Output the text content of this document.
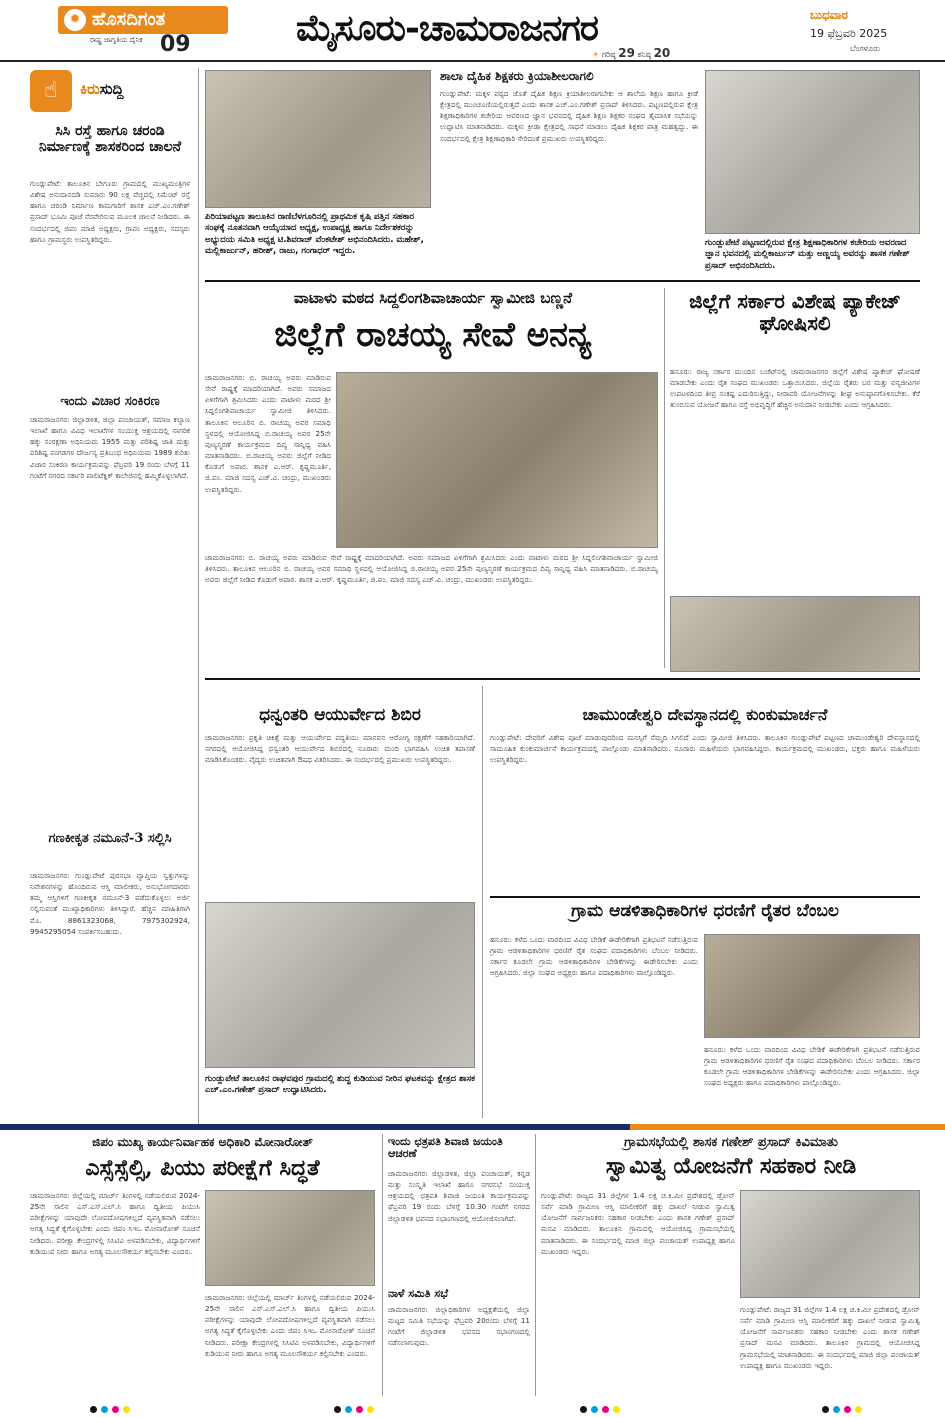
ಹೊಸದಿಗಂತ
✹
ರಾಷ್ಟ್ರ ಜಾಗೃತಿಯ ದೈನಿಕ 09	ಮೈಸೂರು-ಚಾಮರಾಜನಗರ	ಬುಧವಾರ
19 ಫೆಬ್ರವರಿ 2025
ಬೆಂಗಳೂರು
☀ ಗರಿಷ್ಠ 29 ಕನಿಷ್ಠ 20
☝	ಕಿರುಸುದ್ದಿ
ಸಿಸಿ ರಸ್ತೆ ಹಾಗೂ ಚರಂಡಿ ನಿರ್ಮಾಣಕ್ಕೆ ಶಾಸಕರಿಂದ ಚಾಲನೆ
ಗುಂಡ್ಲುಪೇಟೆ: ತಾಲೂಕಿನ ಬೇಗೂರು ಗ್ರಾಮದಲ್ಲಿ ಮುಖ್ಯಮಂತ್ರಿಗಳ ವಿಶೇಷ ಅನುದಾನದಡಿ ಸುಮಾರು 90 ಲಕ್ಷ ವೆಚ್ಚದಲ್ಲಿ ಸಿಮೆಂಟ್ ರಸ್ತೆ ಹಾಗೂ ಚರಂಡಿ ನಿರ್ಮಾಣ ಕಾಮಗಾರಿಗೆ ಶಾಸಕ ಎಚ್.ಎಂ.ಗಣೇಶ್ ಪ್ರಸಾದ್ ಭೂಮಿ ಪೂಜೆ ನೆರವೇರಿಸುವ ಮೂಲಕ ಚಾಲನೆ ನೀಡಿದರು. ಈ ಸಂದರ್ಭದಲ್ಲಿ ಜಿಪಂ ಮಾಜಿ ಅಧ್ಯಕ್ಷರು, ಗ್ರಾಪಂ ಅಧ್ಯಕ್ಷರು, ಸದಸ್ಯರು ಹಾಗೂ ಗ್ರಾಮಸ್ಥರು ಉಪಸ್ಥಿತರಿದ್ದರು.
ಇಂದು ವಿಚಾರ ಸಂಕಿರಣ
ಚಾಮರಾಜನಗರ: ಜಿಲ್ಲಾಡಳಿತ, ಜಿಲ್ಲಾ ಪಂಚಾಯತ್, ಸಮಾಜ ಕಲ್ಯಾಣ ಇಲಾಖೆ ಹಾಗೂ ವಿವಿಧ ಇಲಾಖೆಗಳ ಸಂಯುಕ್ತ ಆಶ್ರಯದಲ್ಲಿ ನಾಗರಿಕ ಹಕ್ಕು ಸಂರಕ್ಷಣಾ ಅಧಿನಿಯಮ 1955 ಮತ್ತು ಪರಿಶಿಷ್ಟ ಜಾತಿ ಮತ್ತು ಪರಿಶಿಷ್ಟ ಪಂಗಡಗಳ ದೌರ್ಜನ್ಯ ಪ್ರತಿಬಂಧ ಅಧಿನಿಯಮ 1989 ಕುರಿತು ವಿಚಾರ ಸಂಕಿರಣ ಕಾರ್ಯಕ್ರಮವನ್ನು ಫೆಬ್ರವರಿ 19 ರಂದು ಬೆಳಗ್ಗೆ 11 ಗಂಟೆಗೆ ನಗರದ ಸರ್ಕಾರಿ ಪಾಲಿಟೆಕ್ನಿಕ್ ಕಾಲೇಜಿನಲ್ಲಿ ಹಮ್ಮಿಕೊಳ್ಳಲಾಗಿದೆ.
ಗಣಕೀಕೃತ ನಮೂನೆ-3 ಸಲ್ಲಿಸಿ
ಚಾಮರಾಜನಗರ: ಗುಂಡ್ಲುಪೇಟೆ ಪುರಸಭಾ ವ್ಯಾಪ್ತಿಯ ಸ್ವತ್ತುಗಳನ್ನು ನಿವೇಶನಗಳನ್ನು ಹೊಂದಿರುವ ಆಸ್ತಿ ಮಾಲೀಕರು, ಅನುಭೋಗದಾರರು ತಮ್ಮ ಆಸ್ತಿಗಳಿಗೆ ಗಣಕೀಕೃತ ನಮೂನೆ-3 ಪಡೆದುಕೊಳ್ಳಲು ಅರ್ಜಿ ಸಲ್ಲಿಸುವಂತೆ ಮುಖ್ಯಾಧಿಕಾರಿಗಳು ತಿಳಿಸಿದ್ದಾರೆ. ಹೆಚ್ಚಿನ ಮಾಹಿತಿಗಾಗಿ ಮೊ. 8861323068, 7975302924, 9945295054 ಸಂಪರ್ಕಿಸಬಹುದು.
ಪಿರಿಯಾಪಟ್ಟಣ ತಾಲೂಕಿನ ರಾಣಿಬೆಳಗೂರಿನಲ್ಲಿ ಪ್ರಾಥಮಿಕ ಕೃಷಿ ಪತ್ತಿನ ಸಹಕಾರ ಸಂಘಕ್ಕೆ ನೂತನವಾಗಿ ಆಯ್ಕೆಯಾದ ಅಧ್ಯಕ್ಷ, ಉಪಾಧ್ಯಕ್ಷ ಹಾಗೂ ನಿರ್ದೇಶಕರನ್ನು ಅಭ್ಯುದಯ ಸಮಿತಿ ಅಧ್ಯಕ್ಷ ಟಿ.ಶಿವರಾಜ್ ವೆಂಕಟೇಶ್ ಅಭಿನಂದಿಸಿದರು. ಮಹೇಶ್, ಮಲ್ಲಿಕಾರ್ಜುನ್, ಹರೀಶ್, ರಾಜು, ಗಂಗಾಧರ್ ಇದ್ದರು.
ಶಾಲಾ ದೈಹಿಕ ಶಿಕ್ಷಕರು ಕ್ರಿಯಾಶೀಲರಾಗಲಿ
ಗುಂಡ್ಲುಪೇಟೆ: ಮಕ್ಕಳ ಪಠ್ಯದ ಜೊತೆ ದೈಹಿಕ ಶಿಕ್ಷಣ ಕ್ರಿಯಾಶೀಲರಾಗಬೇಕು ಆ ಶಾಲೆಯ ಶಿಕ್ಷಣ ಹಾಗೂ ಕ್ರೀಡೆ ಕ್ಷೇತ್ರದಲ್ಲಿ ಮುಂಚೂಣಿಯಲ್ಲಿರುತ್ತದೆ ಎಂದು ಶಾಸಕ ಎಚ್.ಎಂ.ಗಣೇಶ್ ಪ್ರಸಾದ್ ತಿಳಿಸಿದರು. ಪಟ್ಟಣದಲ್ಲಿರುವ ಕ್ಷೇತ್ರ ಶಿಕ್ಷಣಾಧಿಕಾರಿಗಳ ಕಚೇರಿಯ ಆವರಣದ ಜ್ಞಾನ ಭವನದಲ್ಲಿ ದೈಹಿಕ ಶಿಕ್ಷಣ ಶಿಕ್ಷಕರ ಸಂಘದ ತೈಮಾಸಿಕ ಸಭೆಯನ್ನು ಉದ್ಘಾಟಿಸಿ ಮಾತನಾಡಿದರು. ಮಕ್ಕಳು ಕ್ರೀಡಾ ಕ್ಷೇತ್ರದಲ್ಲಿ ಸಾಧನೆ ಮಾಡಲು ದೈಹಿಕ ಶಿಕ್ಷಕರ ಪಾತ್ರ ಮಹತ್ವದ್ದು. ಈ ಸಂದರ್ಭದಲ್ಲಿ ಕ್ಷೇತ್ರ ಶಿಕ್ಷಣಾಧಿಕಾರಿ ಸೇರಿದಂತೆ ಪ್ರಮುಖರು ಉಪಸ್ಥಿತರಿದ್ದರು.
ಗುಂಡ್ಲುಪೇಟೆ ಪಟ್ಟಣದಲ್ಲಿರುವ ಕ್ಷೇತ್ರ ಶಿಕ್ಷಣಾಧಿಕಾರಿಗಳ ಕಚೇರಿಯ ಆವರಣದ ಜ್ಞಾನ ಭವನದಲ್ಲಿ ಮಲ್ಲಿಕಾರ್ಜುನ್ ಮತ್ತು ಅಣ್ಣಯ್ಯ ಅವರನ್ನು ಶಾಸಕ ಗಣೇಶ್ ಪ್ರಸಾದ್ ಅಭಿನಂದಿಸಿದರು.
ವಾಟಾಳು ಮಠದ ಸಿದ್ದಲಿಂಗಶಿವಾಚಾರ್ಯ ಸ್ವಾಮೀಜಿ ಬಣ್ಣನೆ
ಜಿಲ್ಲೆಗೆ ರಾಚಯ್ಯ ಸೇವೆ ಅನನ್ಯ
ಚಾಮರಾಜನಗರ: ಬಿ. ರಾಚಯ್ಯ ಅವರು ಮಾಡಿರುವ ಸೇವೆ ರಾಷ್ಟ್ರಕ್ಕೆ ಮಾದರಿಯಾಗಿದೆ. ಅವರು ಸಮಾಜದ ಏಳಿಗೆಗಾಗಿ ಶ್ರಮಿಸಿದರು ಎಂದು ವಾಟಾಳು ಮಠದ ಶ್ರೀ ಸಿದ್ದಲಿಂಗಶಿವಾಚಾರ್ಯ ಸ್ವಾಮೀಜಿ ತಿಳಿಸಿದರು. ತಾಲೂಕಿನ ಆಲೂರಿನ ಬಿ. ರಾಚಯ್ಯ ಅವರ ಸಮಾಧಿ ಸ್ಥಳದಲ್ಲಿ ಆಯೋಜಿಸಿದ್ದ ಬಿ.ರಾಚಯ್ಯ ಅವರ 25ನೇ ಪುಣ್ಯಸ್ಮರಣೆ ಕಾರ್ಯಕ್ರಮದ ದಿವ್ಯ ಸಾನ್ನಿಧ್ಯ ವಹಿಸಿ ಮಾತನಾಡಿದರು. ಬಿ.ರಾಚಯ್ಯ ಅವರು ಜಿಲ್ಲೆಗೆ ನೀಡಿದ ಕೊಡುಗೆ ಅಪಾರ. ಶಾಸಕ ಎ.ಆರ್. ಕೃಷ್ಣಮೂರ್ತಿ, ಜಿ.ಪಂ. ಮಾಜಿ ಸದಸ್ಯ ಎಚ್.ವಿ. ಚಂದ್ರು, ಮುಖಂಡರು ಉಪಸ್ಥಿತರಿದ್ದರು.
ಚಾಮರಾಜನಗರ: ಬಿ. ರಾಚಯ್ಯ ಅವರು ಮಾಡಿರುವ ಸೇವೆ ರಾಷ್ಟ್ರಕ್ಕೆ ಮಾದರಿಯಾಗಿದೆ. ಅವರು ಸಮಾಜದ ಏಳಿಗೆಗಾಗಿ ಶ್ರಮಿಸಿದರು ಎಂದು ವಾಟಾಳು ಮಠದ ಶ್ರೀ ಸಿದ್ದಲಿಂಗಶಿವಾಚಾರ್ಯ ಸ್ವಾಮೀಜಿ ತಿಳಿಸಿದರು. ತಾಲೂಕಿನ ಆಲೂರಿನ ಬಿ. ರಾಚಯ್ಯ ಅವರ ಸಮಾಧಿ ಸ್ಥಳದಲ್ಲಿ ಆಯೋಜಿಸಿದ್ದ ಬಿ.ರಾಚಯ್ಯ ಅವರ 25ನೇ ಪುಣ್ಯಸ್ಮರಣೆ ಕಾರ್ಯಕ್ರಮದ ದಿವ್ಯ ಸಾನ್ನಿಧ್ಯ ವಹಿಸಿ ಮಾತನಾಡಿದರು. ಬಿ.ರಾಚಯ್ಯ ಅವರು ಜಿಲ್ಲೆಗೆ ನೀಡಿದ ಕೊಡುಗೆ ಅಪಾರ. ಶಾಸಕ ಎ.ಆರ್. ಕೃಷ್ಣಮೂರ್ತಿ, ಜಿ.ಪಂ. ಮಾಜಿ ಸದಸ್ಯ ಎಚ್.ವಿ. ಚಂದ್ರು, ಮುಖಂಡರು ಉಪಸ್ಥಿತರಿದ್ದರು.
ಜಿಲ್ಲೆಗೆ ಸರ್ಕಾರ ವಿಶೇಷ ಪ್ಯಾಕೇಜ್ ಘೋಷಿಸಲಿ
ಹನೂರು: ರಾಜ್ಯ ಸರ್ಕಾರ ಮುಂದಿನ ಬಜೆಟ್‌ನಲ್ಲಿ ಚಾಮರಾಜನಗರ ಜಿಲ್ಲೆಗೆ ವಿಶೇಷ ಪ್ಯಾಕೇಜ್ ಘೋಷಣೆ ಮಾಡಬೇಕು ಎಂದು ರೈತ ಸಂಘದ ಮುಖಂಡರು ಒತ್ತಾಯಿಸಿದರು. ಜಿಲ್ಲೆಯ ರೈತರು ಬರ ಮತ್ತು ವನ್ಯಜೀವಿಗಳ ಉಪಟಳದಿಂದ ತೀವ್ರ ಸಂಕಷ್ಟ ಎದುರಿಸುತ್ತಿದ್ದು, ನೀರಾವರಿ ಯೋಜನೆಗಳನ್ನು ಶೀಘ್ರ ಅನುಷ್ಠಾನಗೊಳಿಸಬೇಕು. ಕೆರೆ ತುಂಬಿಸುವ ಯೋಜನೆ ಹಾಗೂ ರಸ್ತೆ ಅಭಿವೃದ್ಧಿಗೆ ಹೆಚ್ಚಿನ ಅನುದಾನ ನೀಡಬೇಕು ಎಂದು ಆಗ್ರಹಿಸಿದರು.
ಧನ್ವಂತರಿ ಆಯುರ್ವೇದ ಶಿಬಿರ
ಚಾಮರಾಜನಗರ: ಪ್ರಕೃತಿ ಚಿಕಿತ್ಸೆ ಮತ್ತು ಆಯುರ್ವೇದ ಪದ್ಧತಿಯು ಮಾನವನ ಆರೋಗ್ಯ ರಕ್ಷಣೆಗೆ ಸಹಕಾರಿಯಾಗಿದೆ. ನಗರದಲ್ಲಿ ಆಯೋಜಿಸಿದ್ದ ಧನ್ವಂತರಿ ಆಯುರ್ವೇದ ಶಿಬಿರದಲ್ಲಿ ನೂರಾರು ಮಂದಿ ಭಾಗವಹಿಸಿ ಉಚಿತ ತಪಾಸಣೆ ಮಾಡಿಸಿಕೊಂಡರು. ವೈದ್ಯರು ಉಚಿತವಾಗಿ ಔಷಧ ವಿತರಿಸಿದರು. ಈ ಸಂದರ್ಭದಲ್ಲಿ ಪ್ರಮುಖರು ಉಪಸ್ಥಿತರಿದ್ದರು.
ಗುಂಡ್ಲುಪೇಟೆ ತಾಲೂಕಿನ ರಾಘವಪುರ ಗ್ರಾಮದಲ್ಲಿ ಶುದ್ಧ ಕುಡಿಯುವ ನೀರಿನ ಘಟಕವನ್ನು ಕ್ಷೇತ್ರದ ಶಾಸಕ ಎಚ್.ಎಂ.ಗಣೇಶ್ ಪ್ರಸಾದ್ ಉದ್ಘಾಟಿಸಿದರು.
ಚಾಮುಂಡೇಶ್ವರಿ ದೇವಸ್ಥಾನದಲ್ಲಿ ಕುಂಕುಮಾರ್ಚನೆ
ಗುಂಡ್ಲುಪೇಟೆ: ದೇವರಿಗೆ ವಿಶೇಷ ಪೂಜೆ ಮಾಡುವುದರಿಂದ ಮನಸ್ಸಿಗೆ ನೆಮ್ಮದಿ ಸಿಗಲಿದೆ ಎಂದು ಸ್ವಾಮೀಜಿ ತಿಳಿಸಿದರು. ತಾಲೂಕಿನ ಗುಂಡ್ಲುಪೇಟೆ ಪಟ್ಟಣದ ಚಾಮುಂಡೇಶ್ವರಿ ದೇವಸ್ಥಾನದಲ್ಲಿ ಸಾಮೂಹಿಕ ಕುಂಕುಮಾರ್ಚನೆ ಕಾರ್ಯಕ್ರಮದಲ್ಲಿ ಪಾಲ್ಗೊಂಡು ಮಾತನಾಡಿದರು. ನೂರಾರು ಮಹಿಳೆಯರು ಭಾಗವಹಿಸಿದ್ದರು. ಕಾರ್ಯಕ್ರಮದಲ್ಲಿ ಮುಖಂಡರು, ಭಕ್ತರು ಹಾಗೂ ಮಹಿಳೆಯರು ಉಪಸ್ಥಿತರಿದ್ದರು.
ಗ್ರಾಮ ಆಡಳಿತಾಧಿಕಾರಿಗಳ ಧರಣಿಗೆ ರೈತರ ಬೆಂಬಲ
ಹನೂರು: ಕಳೆದ ಒಂದು ವಾರದಿಂದ ವಿವಿಧ ಬೇಡಿಕೆ ಈಡೇರಿಕೆಗಾಗಿ ಪ್ರತಿಭಟನೆ ನಡೆಸುತ್ತಿರುವ ಗ್ರಾಮ ಆಡಳಿತಾಧಿಕಾರಿಗಳ ಧರಣಿಗೆ ರೈತ ಸಂಘದ ಪದಾಧಿಕಾರಿಗಳು ಬೆಂಬಲ ನೀಡಿದರು. ಸರ್ಕಾರ ಕೂಡಲೇ ಗ್ರಾಮ ಆಡಳಿತಾಧಿಕಾರಿಗಳ ಬೇಡಿಕೆಗಳನ್ನು ಈಡೇರಿಸಬೇಕು ಎಂದು ಆಗ್ರಹಿಸಿದರು. ಜಿಲ್ಲಾ ಸಂಘದ ಅಧ್ಯಕ್ಷರು ಹಾಗೂ ಪದಾಧಿಕಾರಿಗಳು ಪಾಲ್ಗೊಂಡಿದ್ದರು.
ಹನೂರು: ಕಳೆದ ಒಂದು ವಾರದಿಂದ ವಿವಿಧ ಬೇಡಿಕೆ ಈಡೇರಿಕೆಗಾಗಿ ಪ್ರತಿಭಟನೆ ನಡೆಸುತ್ತಿರುವ ಗ್ರಾಮ ಆಡಳಿತಾಧಿಕಾರಿಗಳ ಧರಣಿಗೆ ರೈತ ಸಂಘದ ಪದಾಧಿಕಾರಿಗಳು ಬೆಂಬಲ ನೀಡಿದರು. ಸರ್ಕಾರ ಕೂಡಲೇ ಗ್ರಾಮ ಆಡಳಿತಾಧಿಕಾರಿಗಳ ಬೇಡಿಕೆಗಳನ್ನು ಈಡೇರಿಸಬೇಕು ಎಂದು ಆಗ್ರಹಿಸಿದರು. ಜಿಲ್ಲಾ ಸಂಘದ ಅಧ್ಯಕ್ಷರು ಹಾಗೂ ಪದಾಧಿಕಾರಿಗಳು ಪಾಲ್ಗೊಂಡಿದ್ದರು.
ಜಿಪಂ ಮುಖ್ಯ ಕಾರ್ಯನಿರ್ವಾಹಕ ಅಧಿಕಾರಿ ಮೋನಾರೋತ್
ಎಸ್ಸೆಸ್ಸೆಲ್ಸಿ, ಪಿಯು ಪರೀಕ್ಷೆಗೆ ಸಿದ್ಧತೆ
ಚಾಮರಾಜನಗರ: ಜಿಲ್ಲೆಯಲ್ಲಿ ಮಾರ್ಚ್ ತಿಂಗಳಲ್ಲಿ ನಡೆಯಲಿರುವ 2024-25ನೇ ಸಾಲಿನ ಎಸ್.ಎಸ್.ಎಲ್.ಸಿ ಹಾಗೂ ದ್ವಿತೀಯ ಪಿಯುಸಿ ಪರೀಕ್ಷೆಗಳನ್ನು ಯಾವುದೇ ಲೋಪದೋಷಗಳಿಲ್ಲದೆ ವ್ಯವಸ್ಥಿತವಾಗಿ ನಡೆಸಲು ಅಗತ್ಯ ಸಿದ್ಧತೆ ಕೈಗೊಳ್ಳಬೇಕು ಎಂದು ಜಿಪಂ ಸಿಇಒ ಮೋನಾರೋತ್ ಸೂಚನೆ ನೀಡಿದರು. ಪರೀಕ್ಷಾ ಕೇಂದ್ರಗಳಲ್ಲಿ ಸಿಸಿಟಿವಿ ಅಳವಡಿಸಬೇಕು, ವಿದ್ಯಾರ್ಥಿಗಳಿಗೆ ಕುಡಿಯುವ ನೀರು ಹಾಗೂ ಅಗತ್ಯ ಮೂಲಸೌಕರ್ಯ ಕಲ್ಪಿಸಬೇಕು ಎಂದರು.
ಚಾಮರಾಜನಗರ: ಜಿಲ್ಲೆಯಲ್ಲಿ ಮಾರ್ಚ್ ತಿಂಗಳಲ್ಲಿ ನಡೆಯಲಿರುವ 2024-25ನೇ ಸಾಲಿನ ಎಸ್.ಎಸ್.ಎಲ್.ಸಿ ಹಾಗೂ ದ್ವಿತೀಯ ಪಿಯುಸಿ ಪರೀಕ್ಷೆಗಳನ್ನು ಯಾವುದೇ ಲೋಪದೋಷಗಳಿಲ್ಲದೆ ವ್ಯವಸ್ಥಿತವಾಗಿ ನಡೆಸಲು ಅಗತ್ಯ ಸಿದ್ಧತೆ ಕೈಗೊಳ್ಳಬೇಕು ಎಂದು ಜಿಪಂ ಸಿಇಒ ಮೋನಾರೋತ್ ಸೂಚನೆ ನೀಡಿದರು. ಪರೀಕ್ಷಾ ಕೇಂದ್ರಗಳಲ್ಲಿ ಸಿಸಿಟಿವಿ ಅಳವಡಿಸಬೇಕು, ವಿದ್ಯಾರ್ಥಿಗಳಿಗೆ ಕುಡಿಯುವ ನೀರು ಹಾಗೂ ಅಗತ್ಯ ಮೂಲಸೌಕರ್ಯ ಕಲ್ಪಿಸಬೇಕು ಎಂದರು.
ಇಂದು ಛತ್ರಪತಿ ಶಿವಾಜಿ ಜಯಂತಿ ಆಚರಣೆ
ಚಾಮರಾಜನಗರ: ಜಿಲ್ಲಾಡಳಿತ, ಜಿಲ್ಲಾ ಪಂಚಾಯತ್, ಕನ್ನಡ ಮತ್ತು ಸಂಸ್ಕೃತಿ ಇಲಾಖೆ ಹಾಗೂ ನಗರಸಭೆ ಸಂಯುಕ್ತ ಆಶ್ರಯದಲ್ಲಿ ಛತ್ರಪತಿ ಶಿವಾಜಿ ಜಯಂತಿ ಕಾರ್ಯಕ್ರಮವನ್ನು ಫೆಬ್ರವರಿ 19 ರಂದು ಬೆಳಗ್ಗೆ 10.30 ಗಂಟೆಗೆ ನಗರದ ಜಿಲ್ಲಾಡಳಿತ ಭವನದ ಸಭಾಂಗಣದಲ್ಲಿ ಆಯೋಜಿಸಲಾಗಿದೆ.
ನಾಳೆ ಸಮಿತಿ ಸಭೆ
ಚಾಮರಾಜನಗರ: ಜಿಲ್ಲಾಧಿಕಾರಿಗಳ ಅಧ್ಯಕ್ಷತೆಯಲ್ಲಿ ಜಿಲ್ಲಾ ಮಟ್ಟದ ಸಮಿತಿ ಸಭೆಯನ್ನು ಫೆಬ್ರವರಿ 20ರಂದು ಬೆಳಗ್ಗೆ 11 ಗಂಟೆಗೆ ಜಿಲ್ಲಾಡಳಿತ ಭವನದ ಸಭಾಂಗಣದಲ್ಲಿ ನಡೆಸಲಾಗುವುದು.
ಗ್ರಾಮಸಭೆಯಲ್ಲಿ ಶಾಸಕ ಗಣೇಶ್ ಪ್ರಸಾದ್ ಕಿವಿಮಾತು
ಸ್ವಾಮಿತ್ವ ಯೋಜನೆಗೆ ಸಹಕಾರ ನೀಡಿ
ಗುಂಡ್ಲುಪೇಟೆ: ರಾಜ್ಯದ 31 ಜಿಲ್ಲೆಗಳ 1.4 ಲಕ್ಷ ಚ.ಕಿ.ಮೀ ಪ್ರದೇಶದಲ್ಲಿ ಡ್ರೋನ್ ಸರ್ವೆ ಮಾಡಿ ಗ್ರಾಮೀಣ ಆಸ್ತಿ ಮಾಲೀಕರಿಗೆ ಹಕ್ಕು ದಾಖಲೆ ನೀಡುವ ಸ್ವಾಮಿತ್ವ ಯೋಜನೆಗೆ ಸಾರ್ವಜನಿಕರು ಸಹಕಾರ ನೀಡಬೇಕು ಎಂದು ಶಾಸಕ ಗಣೇಶ್ ಪ್ರಸಾದ್ ಮನವಿ ಮಾಡಿದರು. ತಾಲೂಕಿನ ಗ್ರಾಮದಲ್ಲಿ ಆಯೋಜಿಸಿದ್ದ ಗ್ರಾಮಸಭೆಯಲ್ಲಿ ಮಾತನಾಡಿದರು. ಈ ಸಂದರ್ಭದಲ್ಲಿ ಮಾಜಿ ಜಿಲ್ಲಾ ಪಂಚಾಯತ್ ಉಪಾಧ್ಯಕ್ಷ ಹಾಗೂ ಮುಖಂಡರು ಇದ್ದರು.
ಗುಂಡ್ಲುಪೇಟೆ: ರಾಜ್ಯದ 31 ಜಿಲ್ಲೆಗಳ 1.4 ಲಕ್ಷ ಚ.ಕಿ.ಮೀ ಪ್ರದೇಶದಲ್ಲಿ ಡ್ರೋನ್ ಸರ್ವೆ ಮಾಡಿ ಗ್ರಾಮೀಣ ಆಸ್ತಿ ಮಾಲೀಕರಿಗೆ ಹಕ್ಕು ದಾಖಲೆ ನೀಡುವ ಸ್ವಾಮಿತ್ವ ಯೋಜನೆಗೆ ಸಾರ್ವಜನಿಕರು ಸಹಕಾರ ನೀಡಬೇಕು ಎಂದು ಶಾಸಕ ಗಣೇಶ್ ಪ್ರಸಾದ್ ಮನವಿ ಮಾಡಿದರು. ತಾಲೂಕಿನ ಗ್ರಾಮದಲ್ಲಿ ಆಯೋಜಿಸಿದ್ದ ಗ್ರಾಮಸಭೆಯಲ್ಲಿ ಮಾತನಾಡಿದರು. ಈ ಸಂದರ್ಭದಲ್ಲಿ ಮಾಜಿ ಜಿಲ್ಲಾ ಪಂಚಾಯತ್ ಉಪಾಧ್ಯಕ್ಷ ಹಾಗೂ ಮುಖಂಡರು ಇದ್ದರು.
